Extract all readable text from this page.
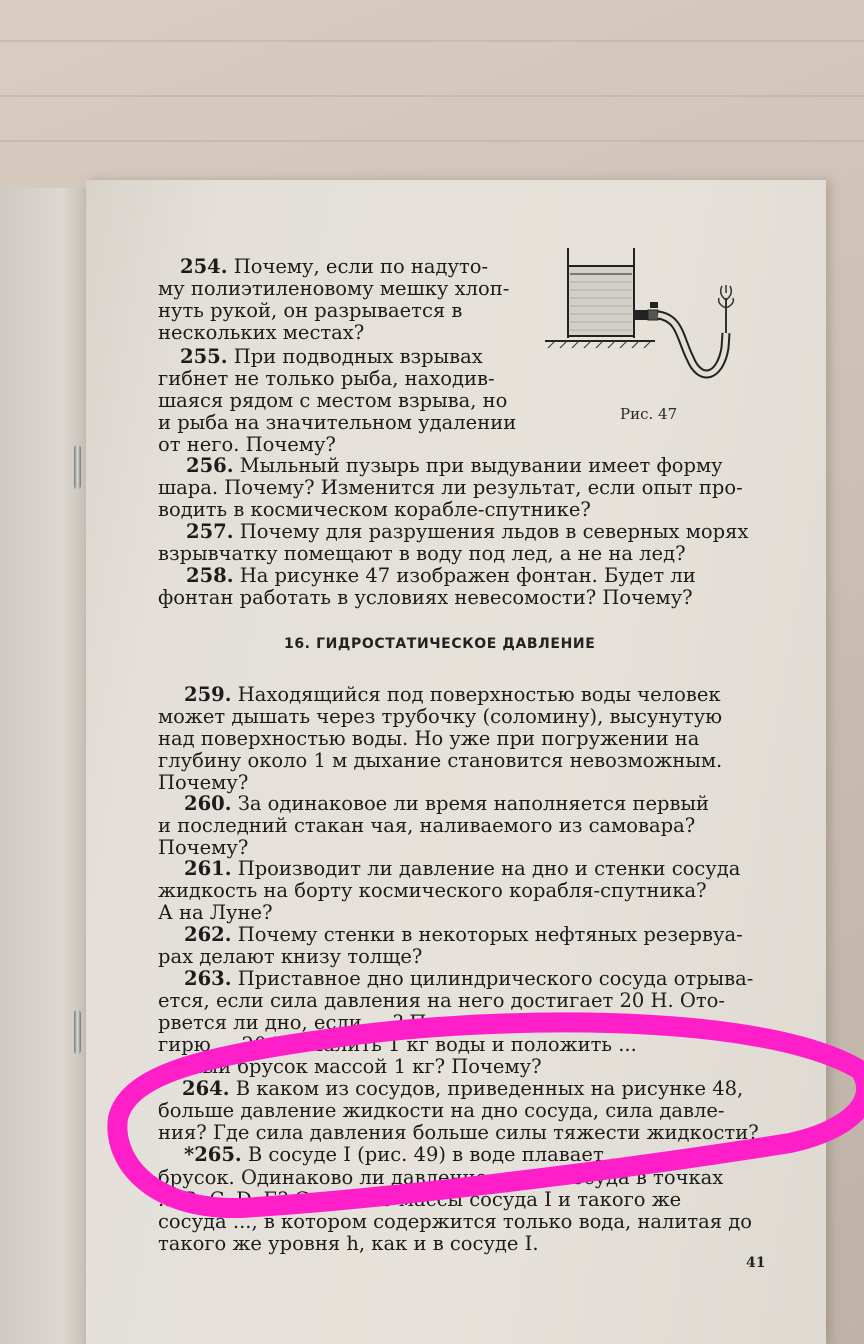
Рис. 47
16. ГИДРОСТАТИЧЕСКОЕ ДАВЛЕНИЕ
254. Почему, если по надуто-
му полиэтиленовому мешку хлоп-
нуть рукой, он разрывается в
нескольких местах?
255. При подводных взрывах
гибнет не только рыба, находив-
шаяся рядом с местом взрыва, но
и рыба на значительном удалении
от него. Почему?
256. Мыльный пузырь при выдувании имеет форму
шара. Почему? Изменится ли результат, если опыт про-
водить в космическом корабле-спутнике?
257. Почему для разрушения льдов в северных морях
взрывчатку помещают в воду под лед, а не на лед?
258. На рисунке 47 изображен фонтан. Будет ли
фонтан работать в условиях невесомости? Почему?
259. Находящийся под поверхностью воды человек
может дышать через трубочку (соломину), высунутую
над поверхностью воды. Но уже при погружении на
глубину около 1 м дыхание становится невозможным.
Почему?
260. За одинаковое ли время наполняется первый
и последний стакан чая, наливаемого из самовара?
Почему?
261. Производит ли давление на дно и стенки сосуда
жидкость на борту космического корабля-спутника?
А на Луне?
262. Почему стенки в некоторых нефтяных резервуа-
рах делают книзу толще?
263. Приставное дно цилиндрического сосуда отрыва-
ется, если сила давления на него достигает 20 Н. Ото-
рвется ли дно, если ... ? Поставить
гирю ... 20 Н? Налить 1 кг воды и положить ...
...нный брусок массой 1 кг? Почему?
264. В каком из сосудов, приведенных на рисунке 48,
больше давление жидкости на дно сосуда, сила давле-
ния? Где сила давления больше силы тяжести жидкости?
*265. В сосуде I (рис. 49) в воде плавает ...
брусок. Одинаково ли давление ... дно сосуда в точках
... B, C, D, E? Сравните массы сосуда I и такого же
сосуда ..., в котором содержится только вода, налитая до
такого же уровня h, как и в сосуде I.
41
